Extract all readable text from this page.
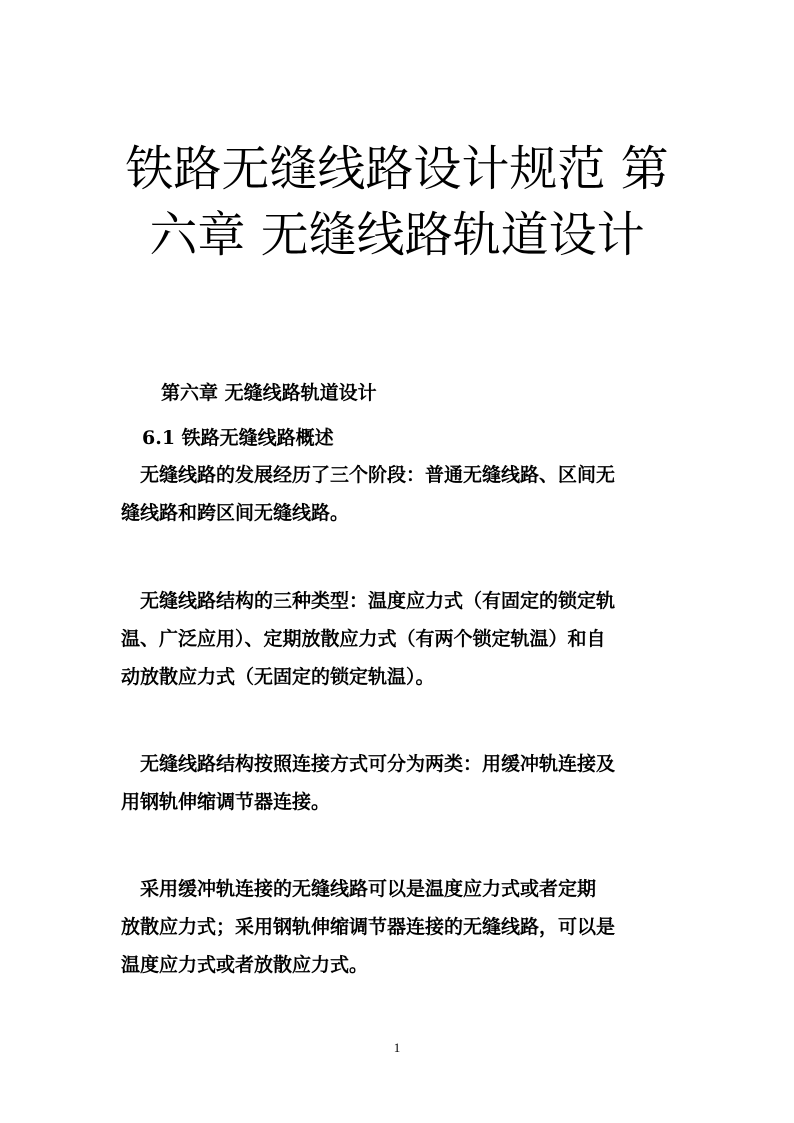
铁路无缝线路设计规范 第
六章 无缝线路轨道设计
第六章 无缝线路轨道设计
6.1 铁路无缝线路概述
　无缝线路的发展经历了三个阶段：普通无缝线路、区间无
缝线路和跨区间无缝线路。
　无缝线路结构的三种类型：温度应力式（有固定的锁定轨
温、广泛应用）、定期放散应力式（有两个锁定轨温）和自
动放散应力式（无固定的锁定轨温）。
　无缝线路结构按照连接方式可分为两类：用缓冲轨连接及
用钢轨伸缩调节器连接。
　采用缓冲轨连接的无缝线路可以是温度应力式或者定期
放散应力式；采用钢轨伸缩调节器连接的无缝线路，可以是
温度应力式或者放散应力式。
1
